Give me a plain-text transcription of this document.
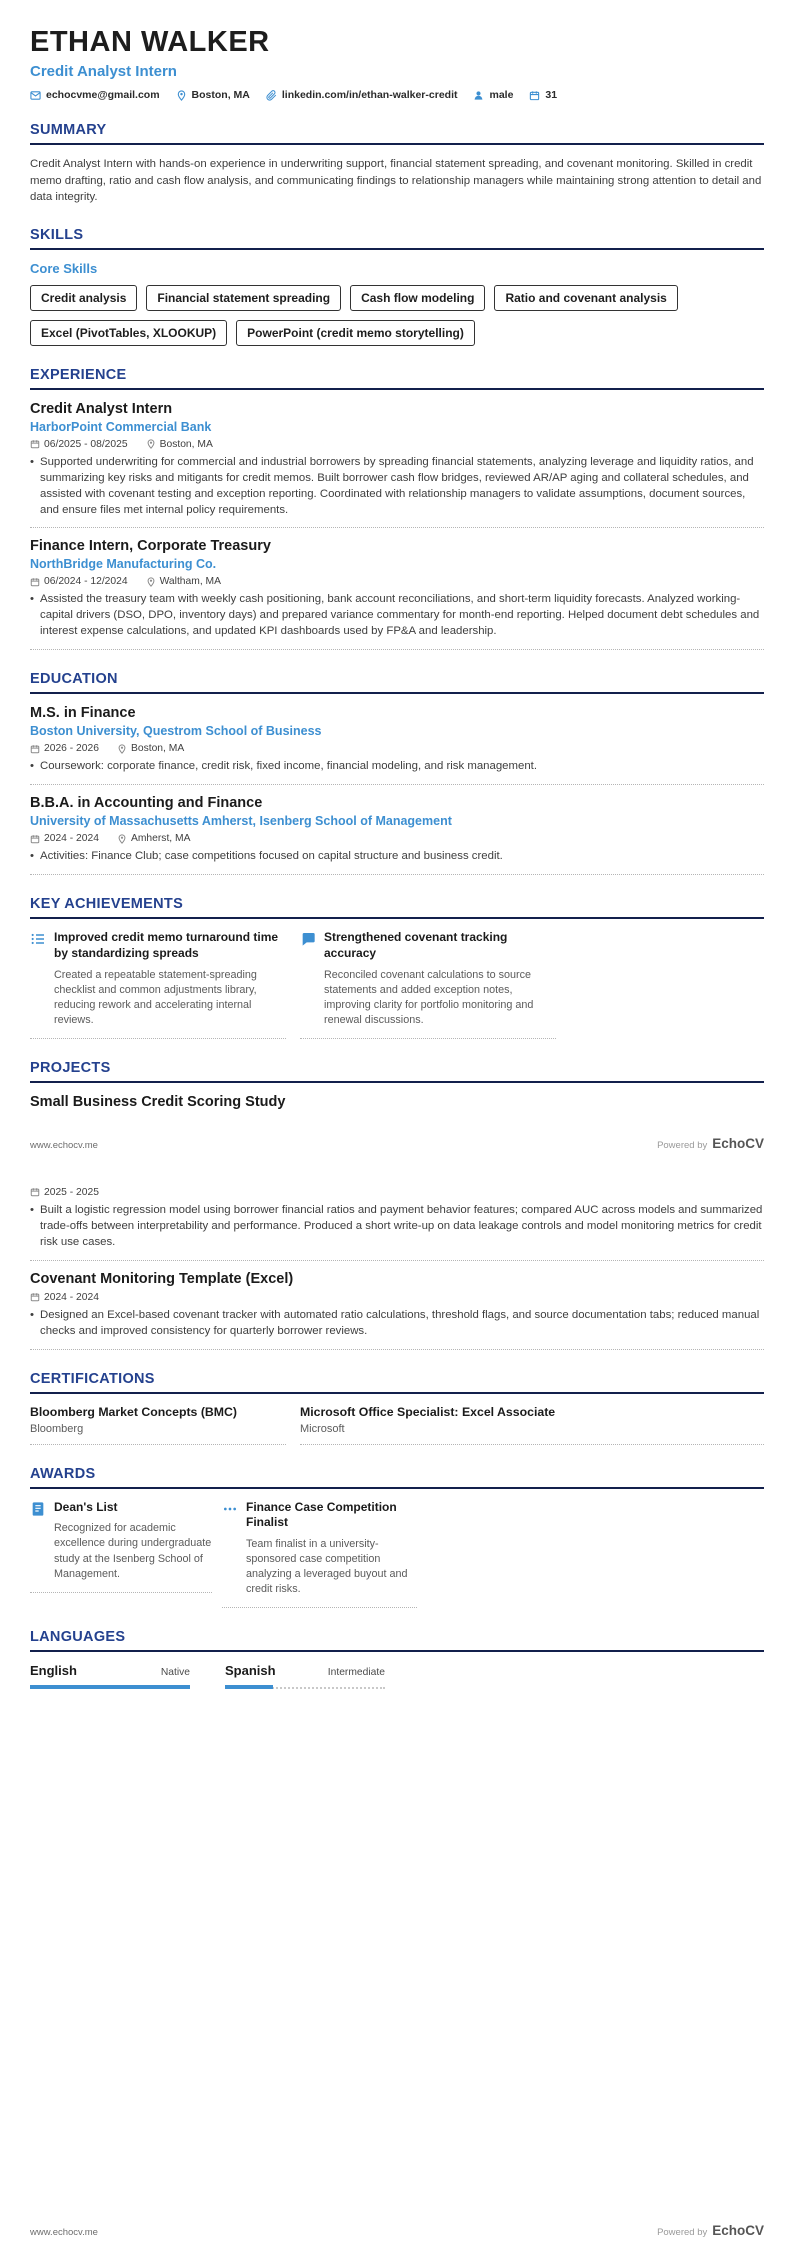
ETHAN WALKER
Credit Analyst Intern
echocvme@gmail.com	Boston, MA	linkedin.com/in/ethan-walker-credit	male	31
SUMMARY

Credit Analyst Intern with hands-on experience in underwriting support, financial statement spreading, and covenant monitoring. Skilled in credit memo drafting, ratio and cash flow analysis, and communicating findings to relationship managers while maintaining strong attention to detail and data integrity.

SKILLS
Core Skills
Credit analysis	Financial statement spreading	Cash flow modeling	Ratio and covenant analysis
Excel (PivotTables, XLOOKUP)	PowerPoint (credit memo storytelling)
EXPERIENCE
Credit Analyst Intern
HarborPoint Commercial Bank
06/2025 - 08/2025	Boston, MA
• Supported underwriting for commercial and industrial borrowers by spreading financial statements, analyzing leverage and liquidity ratios, and summarizing key risks and mitigants for credit memos. Built borrower cash flow bridges, reviewed AR/AP aging and collateral schedules, and assisted with covenant testing and exception reporting. Coordinated with relationship managers to validate assumptions, document sources, and ensure files met internal policy requirements.
Finance Intern, Corporate Treasury
NorthBridge Manufacturing Co.
06/2024 - 12/2024	Waltham, MA
• Assisted the treasury team with weekly cash positioning, bank account reconciliations, and short-term liquidity forecasts. Analyzed working-capital drivers (DSO, DPO, inventory days) and prepared variance commentary for month-end reporting. Helped document debt schedules and interest expense calculations, and updated KPI dashboards used by FP&A and leadership.
EDUCATION
M.S. in Finance
Boston University, Questrom School of Business
2026 - 2026	Boston, MA
• Coursework: corporate finance, credit risk, fixed income, financial modeling, and risk management.
B.B.A. in Accounting and Finance
University of Massachusetts Amherst, Isenberg School of Management
2024 - 2024	Amherst, MA
• Activities: Finance Club; case competitions focused on capital structure and business credit.
KEY ACHIEVEMENTS
Improved credit memo turnaround time by standardizing spreads
Created a repeatable statement-spreading checklist and common adjustments library, reducing rework and accelerating internal reviews.
Strengthened covenant tracking accuracy
Reconciled covenant calculations to source statements and added exception notes, improving clarity for portfolio monitoring and renewal discussions.
PROJECTS
Small Business Credit Scoring Study
www.echocv.me	Powered by EchoCV
2025 - 2025
• Built a logistic regression model using borrower financial ratios and payment behavior features; compared AUC across models and summarized trade-offs between interpretability and performance. Produced a short write-up on data leakage controls and model monitoring metrics for credit risk use cases.
Covenant Monitoring Template (Excel)
2024 - 2024
• Designed an Excel-based covenant tracker with automated ratio calculations, threshold flags, and source documentation tabs; reduced manual checks and improved consistency for quarterly borrower reviews.
CERTIFICATIONS
Bloomberg Market Concepts (BMC)
Bloomberg
Microsoft Office Specialist: Excel Associate
Microsoft
AWARDS
Dean's List
Recognized for academic excellence during undergraduate study at the Isenberg School of Management.
Finance Case Competition Finalist
Team finalist in a university-sponsored case competition analyzing a leveraged buyout and credit risks.
LANGUAGES
English	Native	Spanish	Intermediate
www.echocv.me	Powered by EchoCV
